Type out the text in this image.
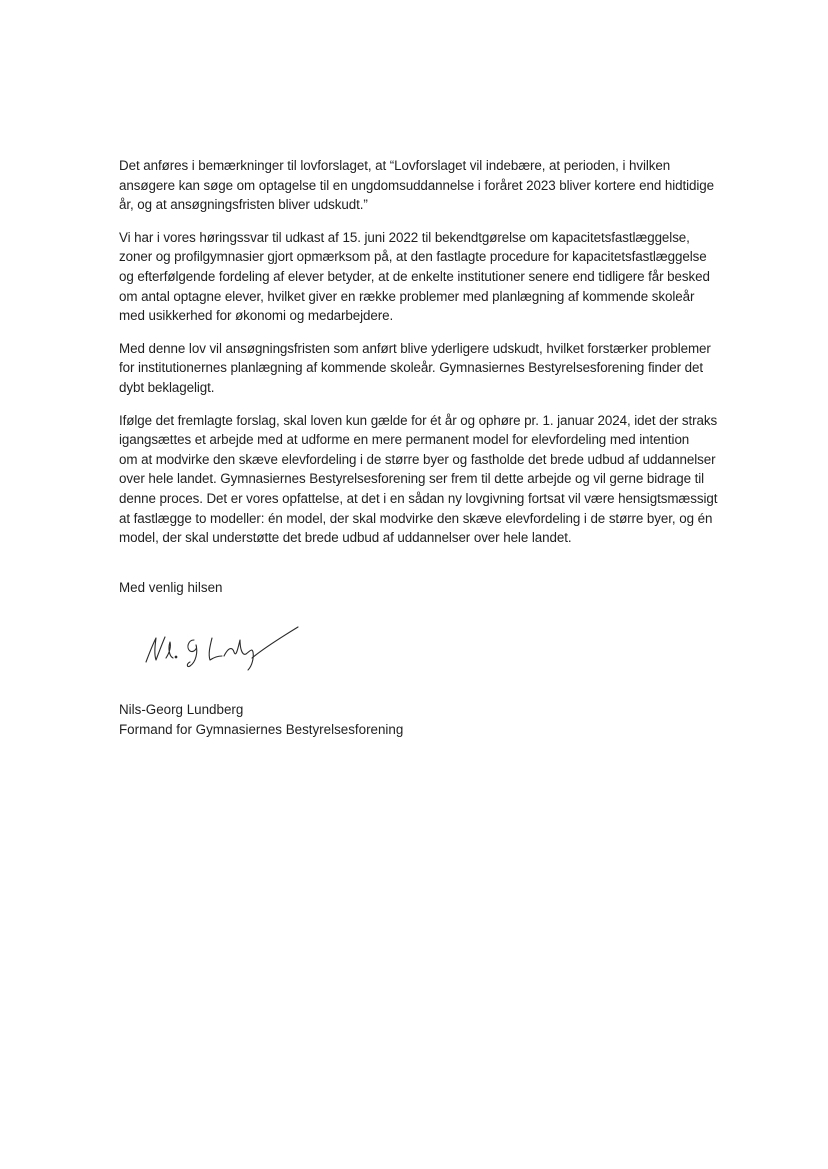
Det anføres i bemærkninger til lovforslaget, at “Lovforslaget vil indebære, at perioden, i hvilken
ansøgere kan søge om optagelse til en ungdomsuddannelse i foråret 2023 bliver kortere end hidtidige
år, og at ansøgningsfristen bliver udskudt.”

Vi har i vores høringssvar til udkast af 15. juni 2022 til bekendtgørelse om kapacitetsfastlæggelse,
zoner og profilgymnasier gjort opmærksom på, at den fastlagte procedure for kapacitetsfastlæggelse
og efterfølgende fordeling af elever betyder, at de enkelte institutioner senere end tidligere får besked
om antal optagne elever, hvilket giver en række problemer med planlægning af kommende skoleår
med usikkerhed for økonomi og medarbejdere.

Med denne lov vil ansøgningsfristen som anført blive yderligere udskudt, hvilket forstærker problemer
for institutionernes planlægning af kommende skoleår. Gymnasiernes Bestyrelsesforening finder det
dybt beklageligt.

Ifølge det fremlagte forslag, skal loven kun gælde for ét år og ophøre pr. 1. januar 2024, idet der straks
igangsættes et arbejde med at udforme en mere permanent model for elevfordeling med intention
om at modvirke den skæve elevfordeling i de større byer og fastholde det brede udbud af uddannelser
over hele landet. Gymnasiernes Bestyrelsesforening ser frem til dette arbejde og vil gerne bidrage til
denne proces. Det er vores opfattelse, at det i en sådan ny lovgivning fortsat vil være hensigtsmæssigt
at fastlægge to modeller: én model, der skal modvirke den skæve elevfordeling i de større byer, og én
model, der skal understøtte det brede udbud af uddannelser over hele landet.

Med venlig hilsen

Nils-Georg Lundberg
Formand for Gymnasiernes Bestyrelsesforening
